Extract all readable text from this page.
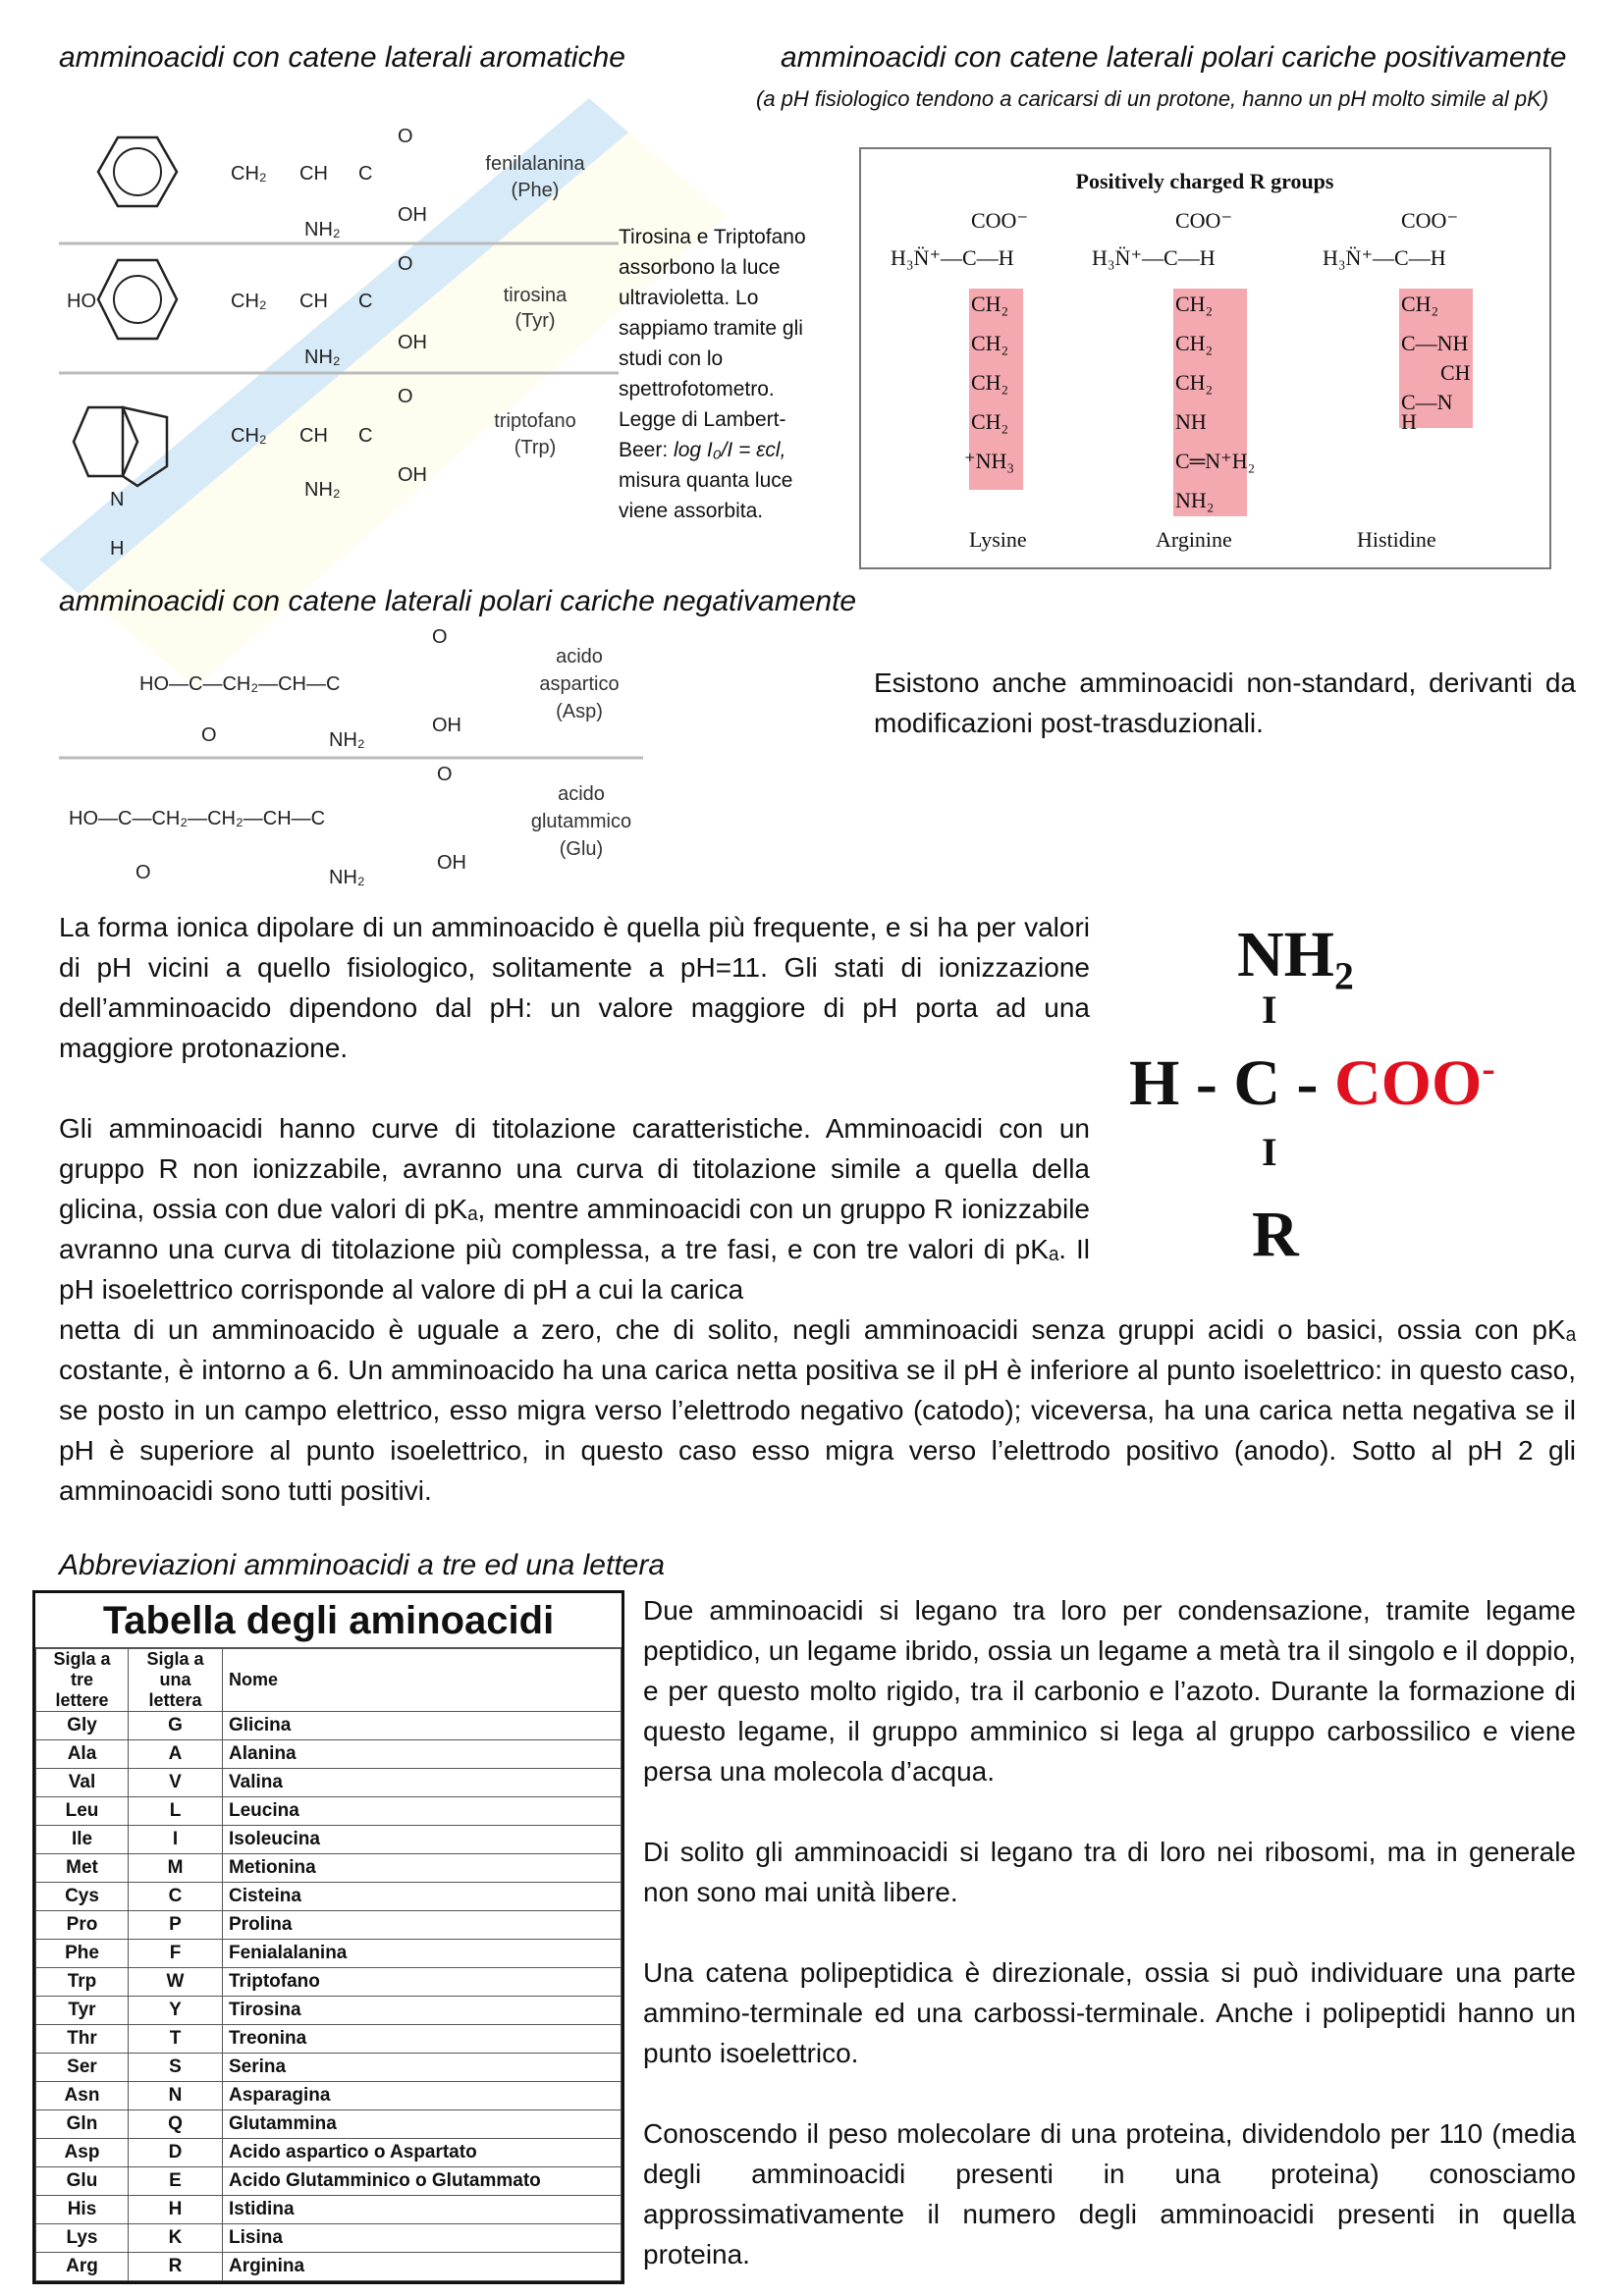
amminoacidi con catene laterali aromatiche	amminoacidi con catene laterali polari cariche positivamente
(a pH fisiologico tendono a caricarsi di un protone, hanno un pH molto simile al pK)
CH₂ CH C
NH₂
O
OH
fenilalanina
(Phe)
HO	CH₂ CH C
NH₂
O
OH
tirosina
(Tyr)
CH₂ CH C
NH₂
O
OH
N
H
triptofano
(Trp)
Tirosina e Triptofano assorbono la luce ultravioletta. Lo sappiamo tramite gli studi con lo spettrofotometro. Legge di Lambert-Beer: log I₀/I = εcl, misura quanta luce viene assorbita.
Positively charged R groups
COO⁻
H₃N̈⁺—C—H
CH₂
CH₂
CH₂
CH₂
⁺NH₃
Lysine
COO⁻
H₃N̈⁺—C—H
CH₂
CH₂
CH₂
NH
C═N⁺H₂
NH₂
Arginine
COO⁻
H₃N̈⁺—C—H
CH₂
C—NH
CH
C—N
H
Histidine
amminoacidi con catene laterali polari cariche negativamente
HO—C—CH₂—CH—C
O	NH₂
O
OH
acido
aspartico
(Asp)
HO—C—CH₂—CH₂—CH—C
O	NH₂
O
OH
acido
glutammico
(Glu)
Esistono anche amminoacidi non-standard, derivanti da modificazioni post-trasduzionali.
NH₂
I
H - C - COO-
I
R
La forma ionica dipolare di un amminoacido è quella più frequente, e si ha per valori di pH vicini a quello fisiologico, solitamente a pH=11. Gli stati di ionizzazione dell’amminoacido dipendono dal pH: un valore maggiore di pH porta ad una maggiore protonazione.
Gli amminoacidi hanno curve di titolazione caratteristiche. Amminoacidi con un gruppo R non ionizzabile, avranno una curva di titolazione simile a quella della glicina, ossia con due valori di pKₐ, mentre amminoacidi con un gruppo R ionizzabile avranno una curva di titolazione più complessa, a tre fasi, e con tre valori di pKₐ. Il pH isoelettrico corrisponde al valore di pH a cui la carica
netta di un amminoacido è uguale a zero, che di solito, negli amminoacidi senza gruppi acidi o basici, ossia con pKₐ costante, è intorno a 6. Un amminoacido ha una carica netta positiva se il pH è inferiore al punto isoelettrico: in questo caso, se posto in un campo elettrico, esso migra verso l’elettrodo negativo (catodo); viceversa, ha una carica netta negativa se il pH è superiore al punto isoelettrico, in questo caso esso migra verso l’elettrodo positivo (anodo). Sotto al pH 2 gli amminoacidi sono tutti positivi.
Abbreviazioni amminoacidi a tre ed una lettera
Tabella degli aminoacidi
Sigla a tre lettere	Sigla a una lettera	Nome
Gly	G	Glicina
Ala	A	Alanina
Val	V	Valina
Leu	L	Leucina
Ile	I	Isoleucina
Met	M	Metionina
Cys	C	Cisteina
Pro	P	Prolina
Phe	F	Fenialalanina
Trp	W	Triptofano
Tyr	Y	Tirosina
Thr	T	Treonina
Ser	S	Serina
Asn	N	Asparagina
Gln	Q	Glutammina
Asp	D	Acido aspartico o Aspartato
Glu	E	Acido Glutamminico o Glutammato
His	H	Istidina
Lys	K	Lisina
Arg	R	Arginina

Due amminoacidi si legano tra loro per condensazione, tramite legame peptidico, un legame ibrido, ossia un legame a metà tra il singolo e il doppio, e per questo molto rigido, tra il carbonio e l’azoto. Durante la formazione di questo legame, il gruppo amminico si lega al gruppo carbossilico e viene persa una molecola d’acqua.

Di solito gli amminoacidi si legano tra di loro nei ribosomi, ma in generale non sono mai unità libere.

Una catena polipeptidica è direzionale, ossia si può individuare una parte ammino-terminale ed una carbossi-terminale. Anche i polipeptidi hanno un punto isoelettrico.

Conoscendo il peso molecolare di una proteina, dividendolo per 110 (media degli amminoacidi presenti in una proteina) conosciamo approssimativamente il numero degli amminoacidi presenti in quella proteina.
